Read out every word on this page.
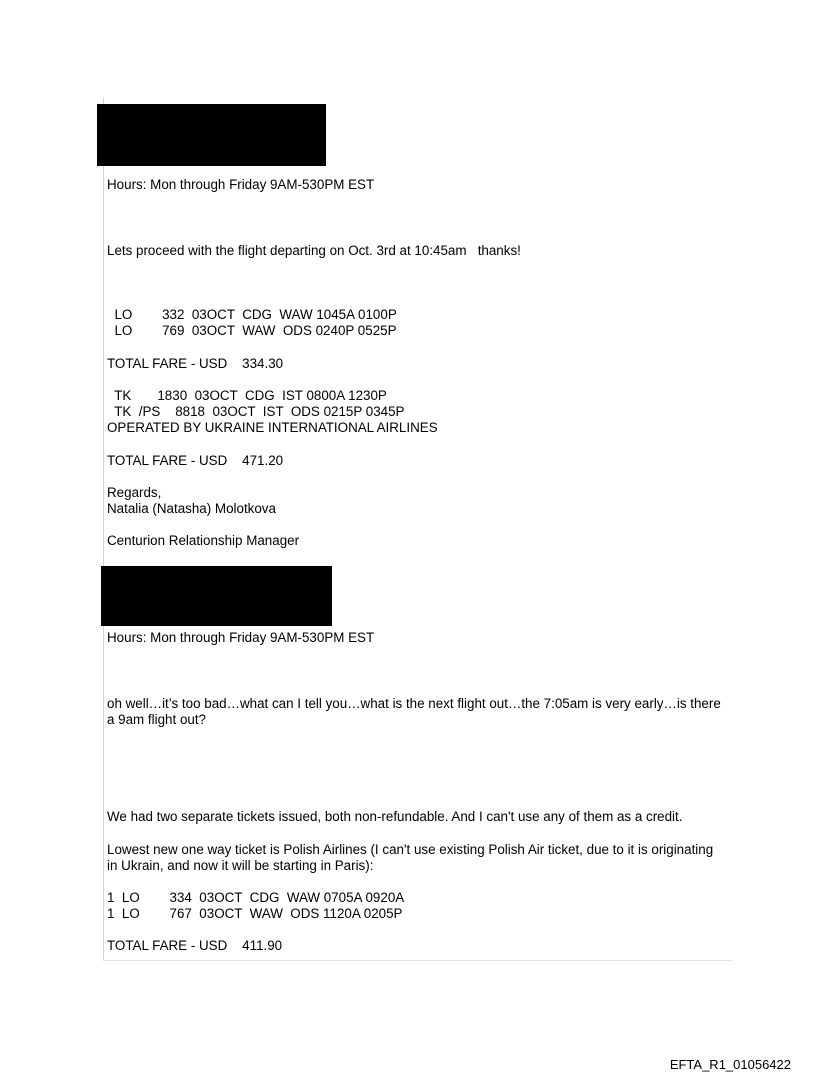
Hours: Mon through Friday 9AM-530PM EST
Lets proceed with the flight departing on Oct. 3rd at 10:45am   thanks!
LO        332  03OCT  CDG  WAW 1045A 0100P
LO        769  03OCT  WAW  ODS 0240P 0525P
TOTAL FARE - USD    334.30
TK       1830  03OCT  CDG  IST 0800A 1230P
TK  /PS    8818  03OCT  IST  ODS 0215P 0345P
OPERATED BY UKRAINE INTERNATIONAL AIRLINES
TOTAL FARE - USD    471.20
Regards,
Natalia (Natasha) Molotkova
Centurion Relationship Manager
Hours: Mon through Friday 9AM-530PM EST
oh well…it’s too bad…what can I tell you…what is the next flight out…the 7:05am is very early…is there a 9am flight out?
We had two separate tickets issued, both non-refundable. And I can't use any of them as a credit.
Lowest new one way ticket is Polish Airlines (I can't use existing Polish Air ticket, due to it is originating in Ukrain, and now it will be starting in Paris):
1  LO        334  03OCT  CDG  WAW 0705A 0920A
1  LO        767  03OCT  WAW  ODS 1120A 0205P
TOTAL FARE - USD    411.90
EFTA_R1_01056422
